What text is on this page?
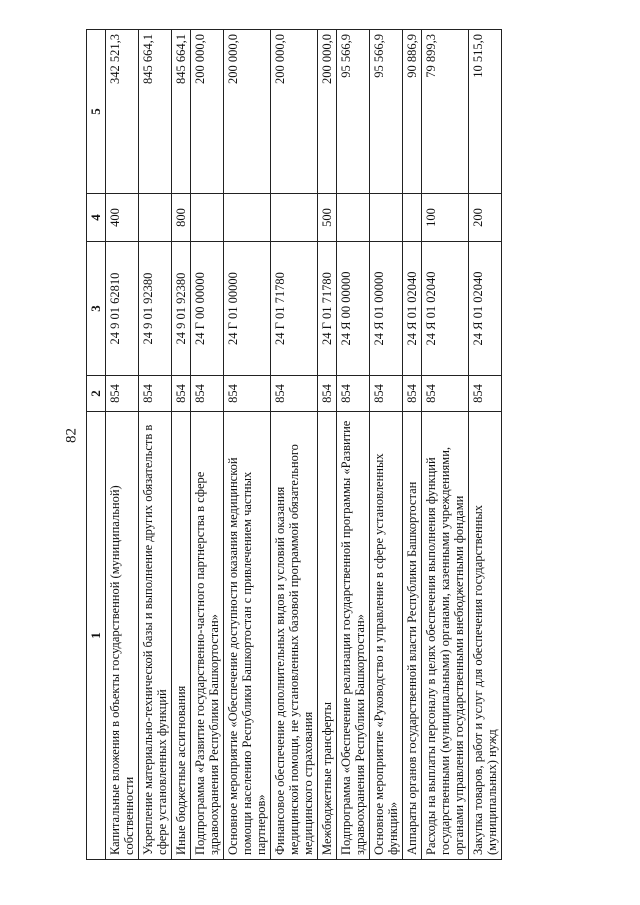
82
1	2	3	4	5
Капитальные вложения в объекты государственной (муниципальной) собственности	854	24 9 01 62810	400	342 521,3
Укрепление материально-технической базы и выполнение других обязательств в сфере установленных функций	854	24 9 01 92380		845 664,1
Иные бюджетные ассигнования	854	24 9 01 92380	800	845 664,1
Подпрограмма «Развитие государственно-частного партнерства в сфере здравоохранения Республики Башкортостан»	854	24 Г 00 00000		200 000,0
Основное мероприятие «Обеспечение доступности оказания медицинской помощи населению Республики Башкортостан с привлечением частных партнеров»	854	24 Г 01 00000		200 000,0
Финансовое обеспечение дополнительных видов и условий оказания медицинской помощи, не установленных базовой программой обязательного медицинского страхования	854	24 Г 01 71780		200 000,0
Межбюджетные трансферты	854	24 Г 01 71780	500	200 000,0
Подпрограмма «Обеспечение реализации государственной программы «Развитие здравоохранения Республики Башкортостан»	854	24 Я 00 00000		95 566,9
Основное мероприятие «Руководство и управление в сфере установленных функций»	854	24 Я 01 00000		95 566,9
Аппараты органов государственной власти Республики Башкортостан	854	24 Я 01 02040		90 886,9
Расходы на выплаты персоналу в целях обеспечения выполнения функций государственными (муниципальными) органами, казенными учреждениями, органами управления государственными внебюджетными фондами	854	24 Я 01 02040	100	79 899,3
Закупка товаров, работ и услуг для обеспечения государственных (муниципальных) нужд	854	24 Я 01 02040	200	10 515,0
